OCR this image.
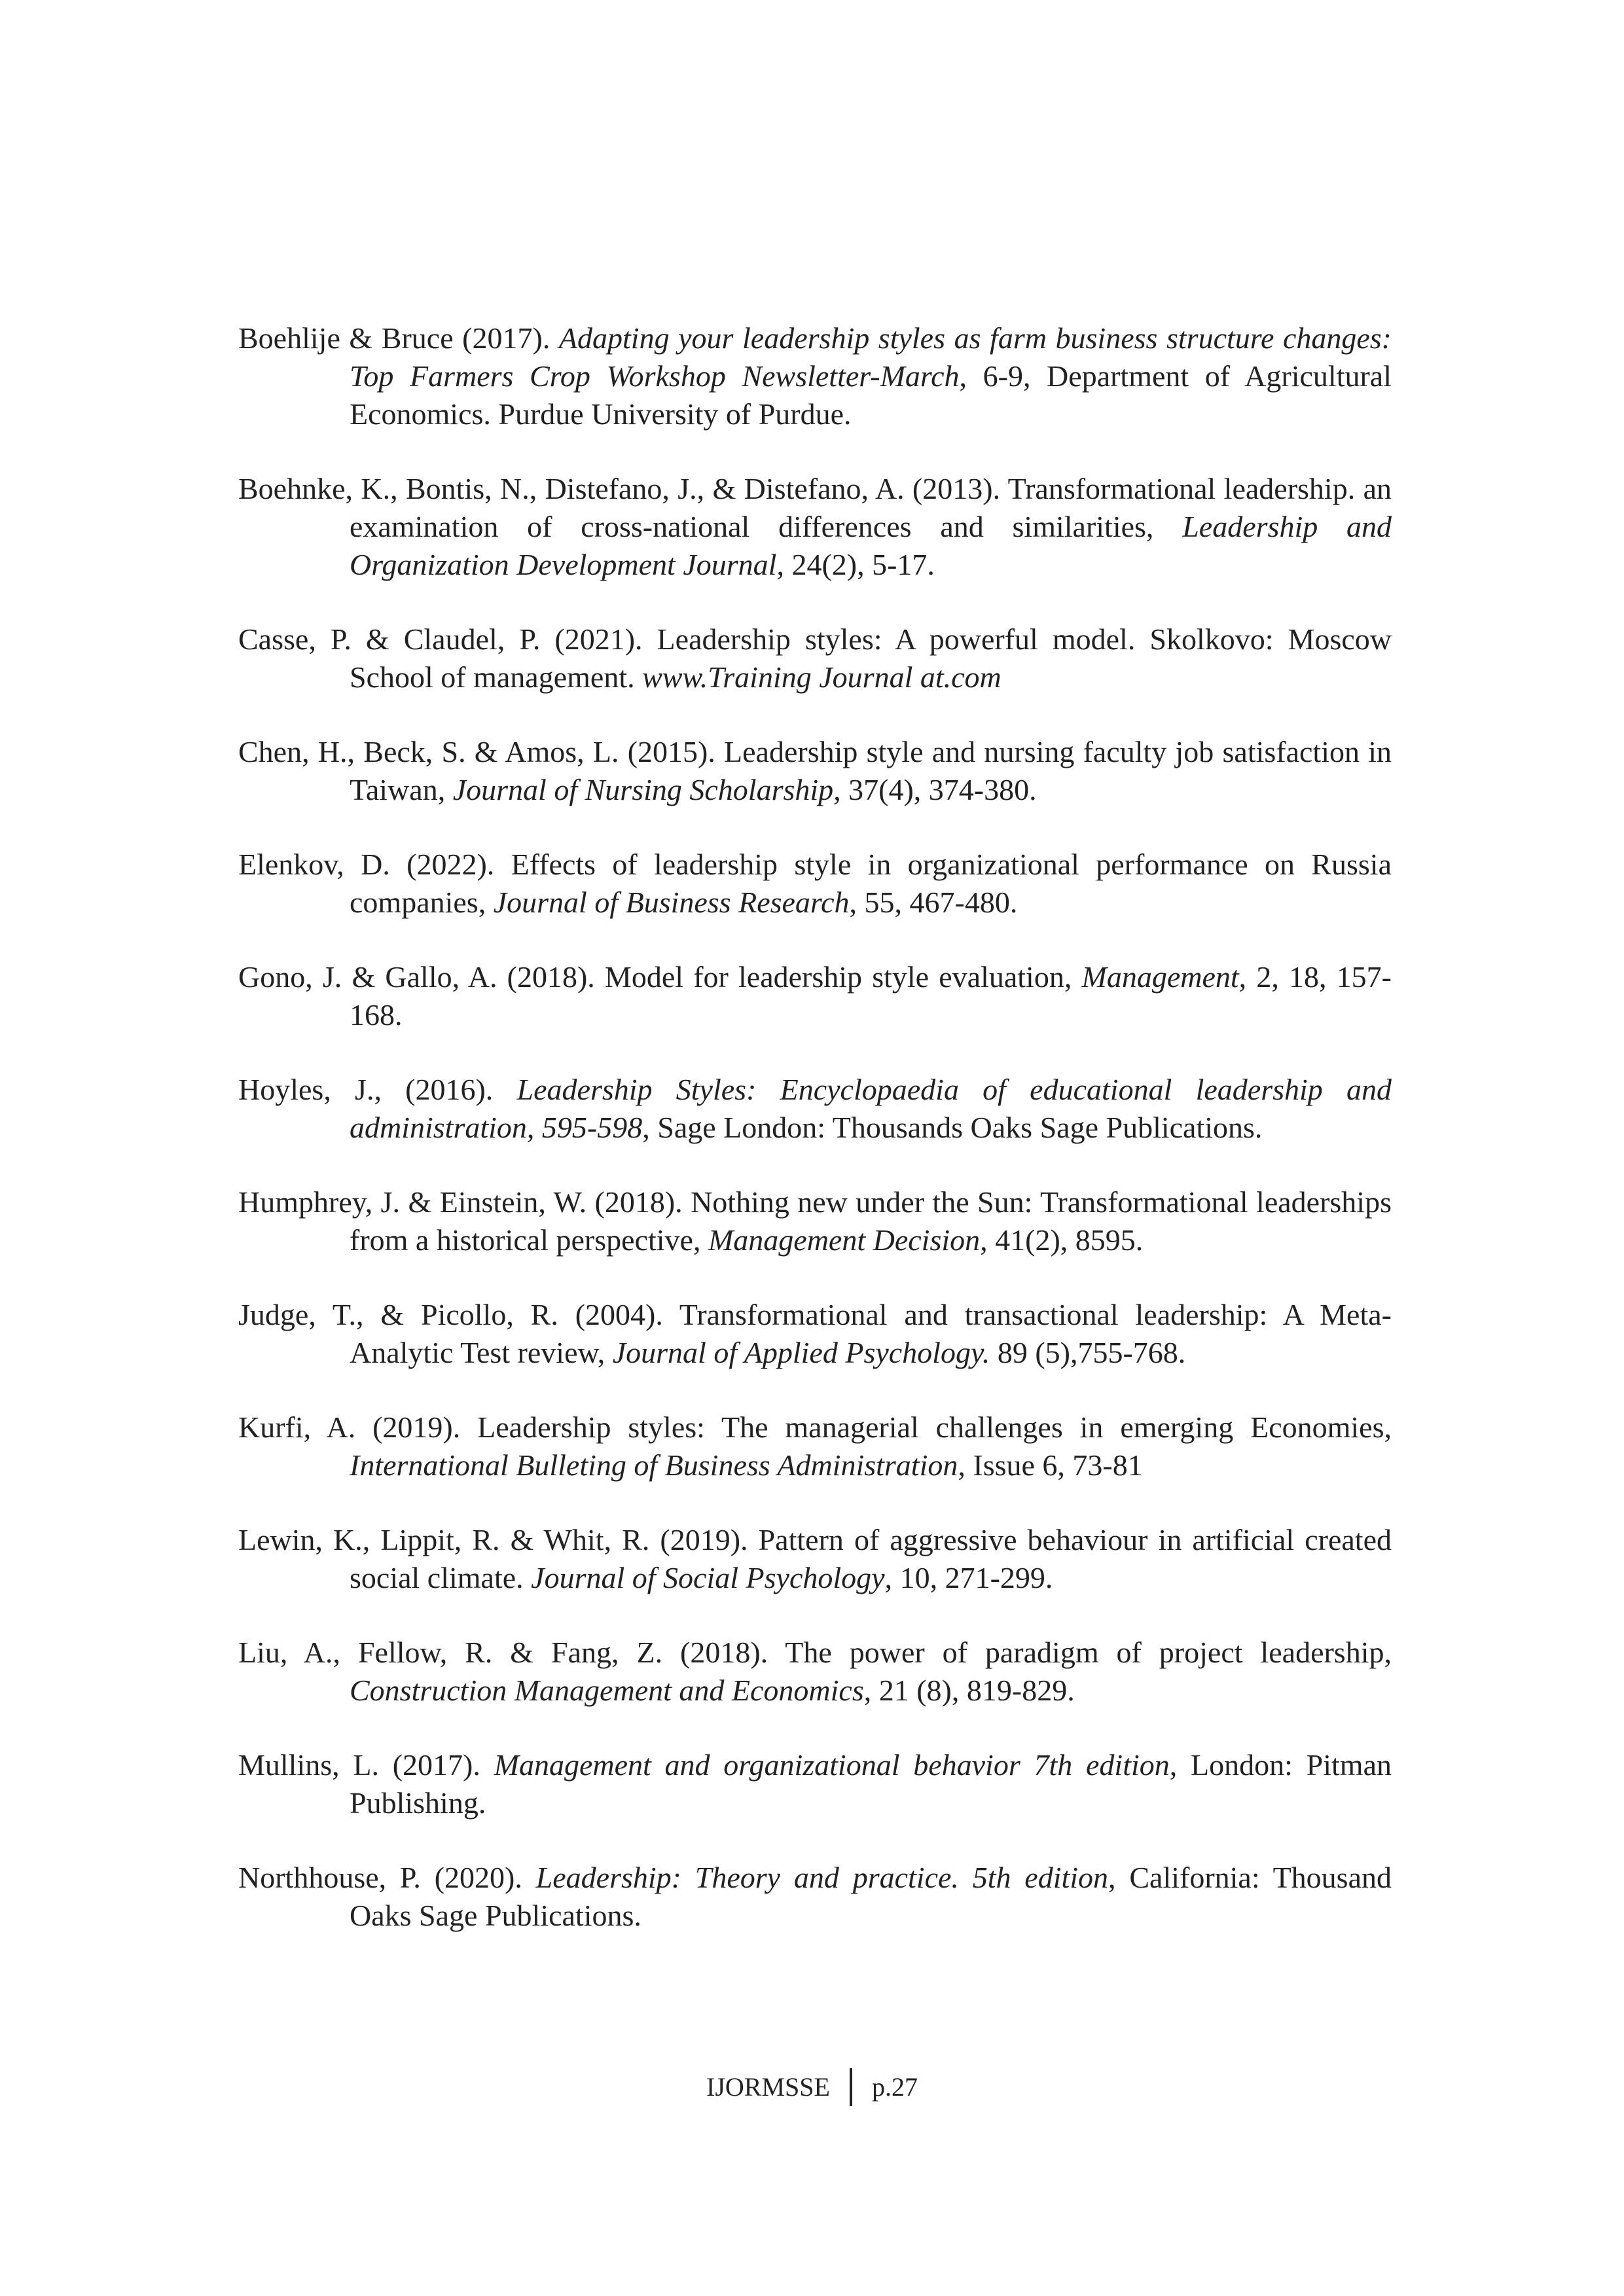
Boehlije & Bruce (2017). Adapting your leadership styles as farm business structure changes: Top Farmers Crop Workshop Newsletter-March, 6-9, Department of Agricultural Economics. Purdue University of Purdue.

Boehnke, K., Bontis, N., Distefano, J., & Distefano, A. (2013). Transformational leadership. an examination of cross-national differences and similarities, Leadership and Organization Development Journal, 24(2), 5-17.

Casse, P. & Claudel, P. (2021). Leadership styles: A powerful model. Skolkovo: Moscow School of management. www.Training Journal at.com

Chen, H., Beck, S. & Amos, L. (2015). Leadership style and nursing faculty job satisfaction in Taiwan, Journal of Nursing Scholarship, 37(4), 374-380.

Elenkov, D. (2022). Effects of leadership style in organizational performance on Russia companies, Journal of Business Research, 55, 467-480.

Gono, J. & Gallo, A. (2018). Model for leadership style evaluation, Management, 2, 18, 157-168.

Hoyles, J., (2016). Leadership Styles: Encyclopaedia of educational leadership and administration, 595-598, Sage London: Thousands Oaks Sage Publications.

Humphrey, J. & Einstein, W. (2018). Nothing new under the Sun: Transformational leaderships from a historical perspective, Management Decision, 41(2), 8595.

Judge, T., & Picollo, R. (2004). Transformational and transactional leadership: A Meta-Analytic Test review, Journal of Applied Psychology. 89 (5),755-768.

Kurfi, A. (2019). Leadership styles: The managerial challenges in emerging Economies, International Bulleting of Business Administration, Issue 6, 73-81

Lewin, K., Lippit, R. & Whit, R. (2019). Pattern of aggressive behaviour in artificial created social climate. Journal of Social Psychology, 10, 271-299.

Liu, A., Fellow, R. & Fang, Z. (2018). The power of paradigm of project leadership, Construction Management and Economics, 21 (8), 819-829.

Mullins, L. (2017). Management and organizational behavior 7th edition, London: Pitman Publishing.

Northhouse, P. (2020). Leadership: Theory and practice. 5th edition, California: Thousand Oaks Sage Publications.

IJORMSSE p.27
